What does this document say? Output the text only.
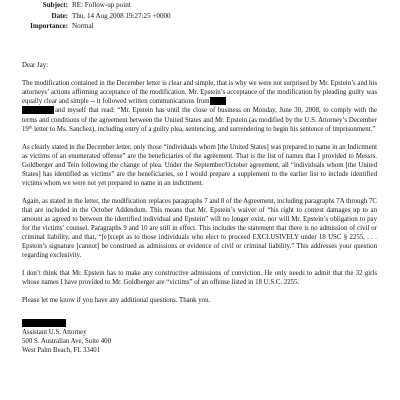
Subject: RE: Follow-up point
Date: Thu, 14 Aug 2008 19:27:25 +0000
Importance: Normal

Dear Jay:

The modification contained in the December letter is clear and simple, that is why we were not surprised by Mr. Epstein’s and his attorneys’ actions affirming acceptance of the modification. Mr. Epstein’s acceptance of the modification by pleading guilty was equally clear and simple -- it followed written communications from
and myself that read: “Mr. Epstein has until the close of business on Monday, June 30, 2008, to comply with the terms and conditions of the agreement between the United States and Mr. Epstein (as modified by the U.S. Attorney’s December 19th letter to Ms. Sanchez), including entry of a guilty plea, sentencing, and surrendering to begin his sentence of imprisonment.”

As clearly stated in the December letter, only those “individuals whom [the United States] was prepared to name in an Indictment as victims of an enumerated offense” are the beneficiaries of the agreement. That is the list of names that I provided to Messrs. Goldberger and Tein following the change of plea. Under the September/October agreement, all “individuals whom [the United States] has identified as victims” are the beneficiaries, so I would prepare a supplement to the earlier list to include identified victims whom we were not yet prepared to name in an indictment.

Again, as stated in the letter, the modification replaces paragraphs 7 and 8 of the Agreement, including paragraphs 7A through 7C that are included in the October Addendum. This means that Mr. Epstein’s waiver of “his right to contest damages up to an amount as agreed to between the identified individual and Epstein” will no longer exist, nor will Mr. Epstein’s obligation to pay for the victims’ counsel. Paragraphs 9 and 10 are still in effect. This includes the statement that there is no admission of civil or criminal liability, and that, “[e]xcept as to those individuals who elect to proceed EXCLUSIVELY under 18 USC § 2255, . . . Epstein’s signature [cannot] be construed as admissions or evidence of civil or criminal liability.” This addresses your question regarding exclusivity.

I don’t think that Mr. Epstein has to make any constructive admissions of conviction. He only needs to admit that the 32 girls whose names I have provided to Mr. Goldberger are “victims” of an offense listed in 18 U.S.C. 2255.

Please let me know if you have any additional questions. Thank you.

Assistant U.S. Attorney
500 S. Australian Ave, Suite 400
West Palm Beach, FL 33401
